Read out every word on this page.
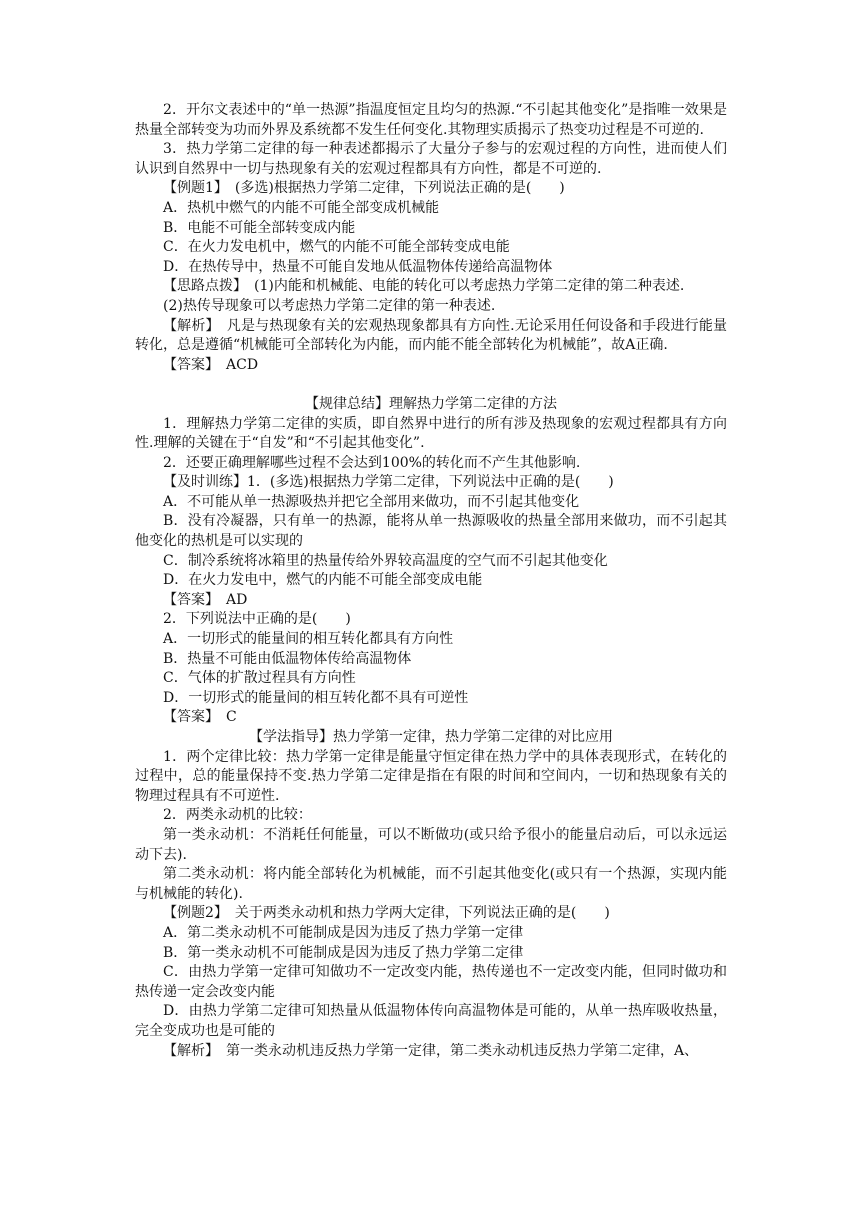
2．开尔文表述中的“单一热源”指温度恒定且均匀的热源.“不引起其他变化”是指唯一效果是热量全部转变为功而外界及系统都不发生任何变化.其物理实质揭示了热变功过程是不可逆的.

3．热力学第二定律的每一种表述都揭示了大量分子参与的宏观过程的方向性，进而使人们认识到自然界中一切与热现象有关的宏观过程都具有方向性，都是不可逆的.

【例题1】　(多选)根据热力学第二定律，下列说法正确的是(　　)

A．热机中燃气的内能不可能全部变成机械能

B．电能不可能全部转变成内能

C．在火力发电机中，燃气的内能不可能全部转变成电能

D．在热传导中，热量不可能自发地从低温物体传递给高温物体

【思路点拨】　(1)内能和机械能、电能的转化可以考虑热力学第二定律的第二种表述.

(2)热传导现象可以考虑热力学第二定律的第一种表述.

【解析】　凡是与热现象有关的宏观热现象都具有方向性.无论采用任何设备和手段进行能量转化，总是遵循“机械能可全部转化为内能，而内能不能全部转化为机械能”，故A正确.

【答案】　ACD

【规律总结】理解热力学第二定律的方法

1．理解热力学第二定律的实质，即自然界中进行的所有涉及热现象的宏观过程都具有方向性.理解的关键在于“自发”和“不引起其他变化”.

2．还要正确理解哪些过程不会达到100%的转化而不产生其他影响.

【及时训练】1．(多选)根据热力学第二定律，下列说法中正确的是(　　)

A．不可能从单一热源吸热并把它全部用来做功，而不引起其他变化

B．没有冷凝器，只有单一的热源，能将从单一热源吸收的热量全部用来做功，而不引起其他变化的热机是可以实现的

C．制冷系统将冰箱里的热量传给外界较高温度的空气而不引起其他变化

D．在火力发电中，燃气的内能不可能全部变成电能

【答案】　AD

2．下列说法中正确的是(　　)

A．一切形式的能量间的相互转化都具有方向性

B．热量不可能由低温物体传给高温物体

C．气体的扩散过程具有方向性

D．一切形式的能量间的相互转化都不具有可逆性

【答案】　C

【学法指导】热力学第一定律，热力学第二定律的对比应用

1．两个定律比较：热力学第一定律是能量守恒定律在热力学中的具体表现形式，在转化的过程中，总的能量保持不变.热力学第二定律是指在有限的时间和空间内，一切和热现象有关的物理过程具有不可逆性.

2．两类永动机的比较：

第一类永动机：不消耗任何能量，可以不断做功(或只给予很小的能量启动后，可以永远运动下去).

第二类永动机：将内能全部转化为机械能，而不引起其他变化(或只有一个热源，实现内能与机械能的转化).

【例题2】　关于两类永动机和热力学两大定律，下列说法正确的是(　　)

A．第二类永动机不可能制成是因为违反了热力学第一定律

B．第一类永动机不可能制成是因为违反了热力学第二定律

C．由热力学第一定律可知做功不一定改变内能，热传递也不一定改变内能，但同时做功和热传递一定会改变内能

D．由热力学第二定律可知热量从低温物体传向高温物体是可能的，从单一热库吸收热量，完全变成功也是可能的

【解析】　第一类永动机违反热力学第一定律，第二类永动机违反热力学第二定律，A、
